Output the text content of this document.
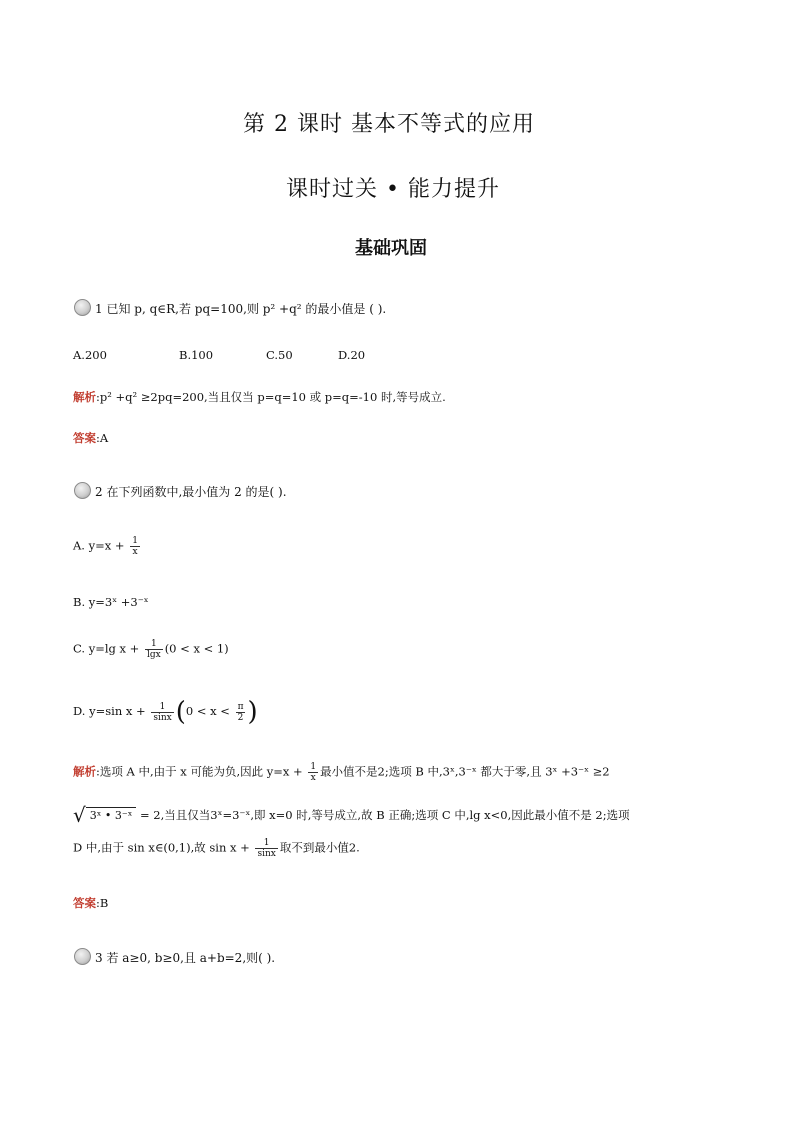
第 2 课时 基本不等式的应用
课时过关 • 能力提升
基础巩固
1 已知 p, q∈R,若 pq=100,则 p² +q² 的最小值是 ( ).
A.200	B.100	C.50	D.20
解析:p² +q² ≥2pq=200,当且仅当 p=q=10 或 p=q=-10 时,等号成立.
答案:A
2 在下列函数中,最小值为 2 的是( ).
A. $y=x + \frac{1}{x}$
B. y=3ˣ +3⁻ˣ
C. y=lg $x + \frac{1}{\lg x} (0 < x < 1)$
D. y=sin $x + \frac{1}{\sin x} (0 < x < \frac{\pi}{2}$ )
解析:选项 A 中,由于 x 可能为负,因此 $y=x + \frac{1}{x}$ 最小值不是2;选项 B 中,3ˣ,3⁻ˣ 都大于零,且 3ˣ +3⁻ˣ ≥2
√ 3ˣ • 3⁻ˣ = 2,当且仅当3ˣ=3⁻ˣ,即 x=0 时,等号成立,故 B 正确;选项 C 中,lg x<0,因此最小值不是 2;选项
D 中,由于 sin x∈(0,1),故 $\sin x + \frac{1}{\sin x}$ 取不到最小值2.
答案:B
3 若 a≥0, b≥0,且 a+b=2,则( ).
